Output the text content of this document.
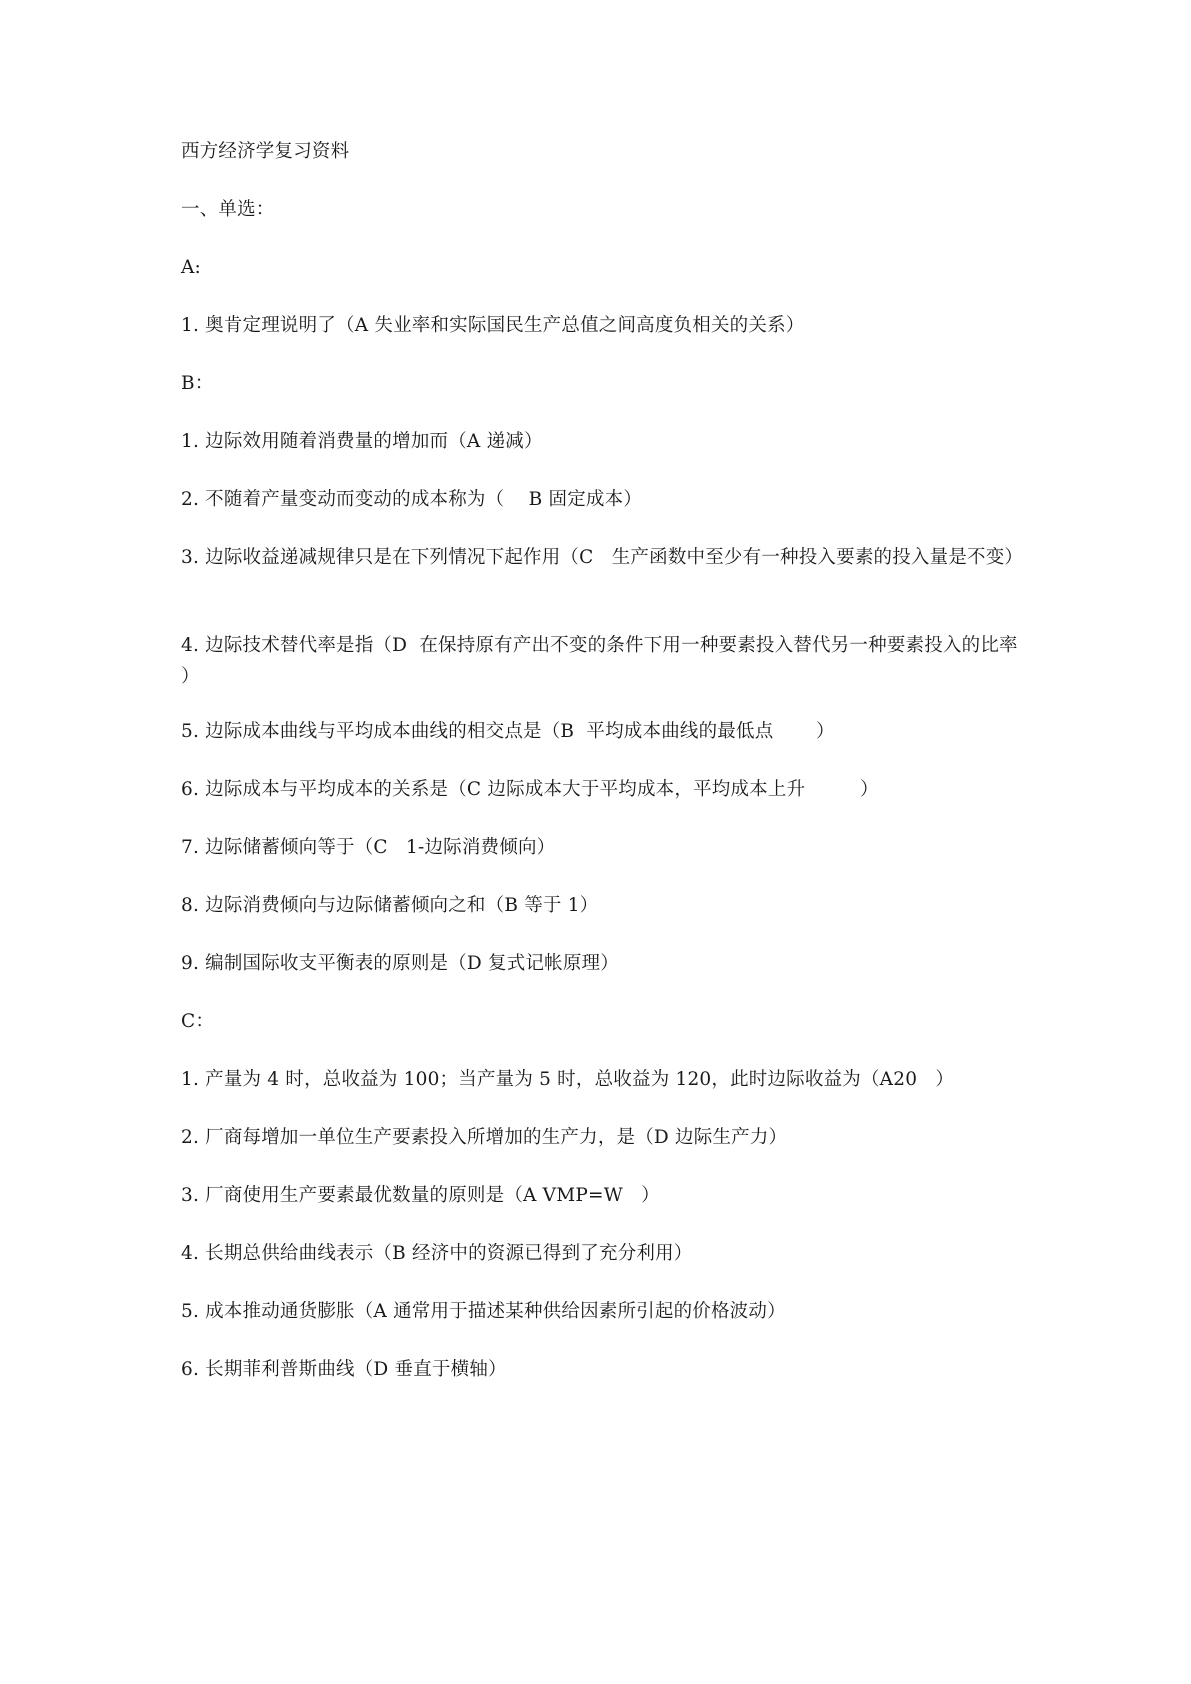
西方经济学复习资料
一、单选：
A:
1. 奥肯定理说明了（A 失业率和实际国民生产总值之间高度负相关的关系）
B：
1. 边际效用随着消费量的增加而（A 递减）
2. 不随着产量变动而变动的成本称为（    B 固定成本）
3. 边际收益递减规律只是在下列情况下起作用（C   生产函数中至少有一种投入要素的投入量是不变）
4. 边际技术替代率是指（D  在保持原有产出不变的条件下用一种要素投入替代另一种要素投入的比率      ）
5. 边际成本曲线与平均成本曲线的相交点是（B  平均成本曲线的最低点       ）
6. 边际成本与平均成本的关系是（C 边际成本大于平均成本，平均成本上升         ）
7. 边际储蓄倾向等于（C   1-边际消费倾向）
8. 边际消费倾向与边际储蓄倾向之和（B 等于 1）
9. 编制国际收支平衡表的原则是（D 复式记帐原理）
C：
1. 产量为 4 时，总收益为 100；当产量为 5 时，总收益为 120，此时边际收益为（A20   ）
2. 厂商每增加一单位生产要素投入所增加的生产力，是（D 边际生产力）
3. 厂商使用生产要素最优数量的原则是（A VMP=W   ）
4. 长期总供给曲线表示（B 经济中的资源已得到了充分利用）
5. 成本推动通货膨胀（A 通常用于描述某种供给因素所引起的价格波动）
6. 长期菲利普斯曲线（D 垂直于横轴）
